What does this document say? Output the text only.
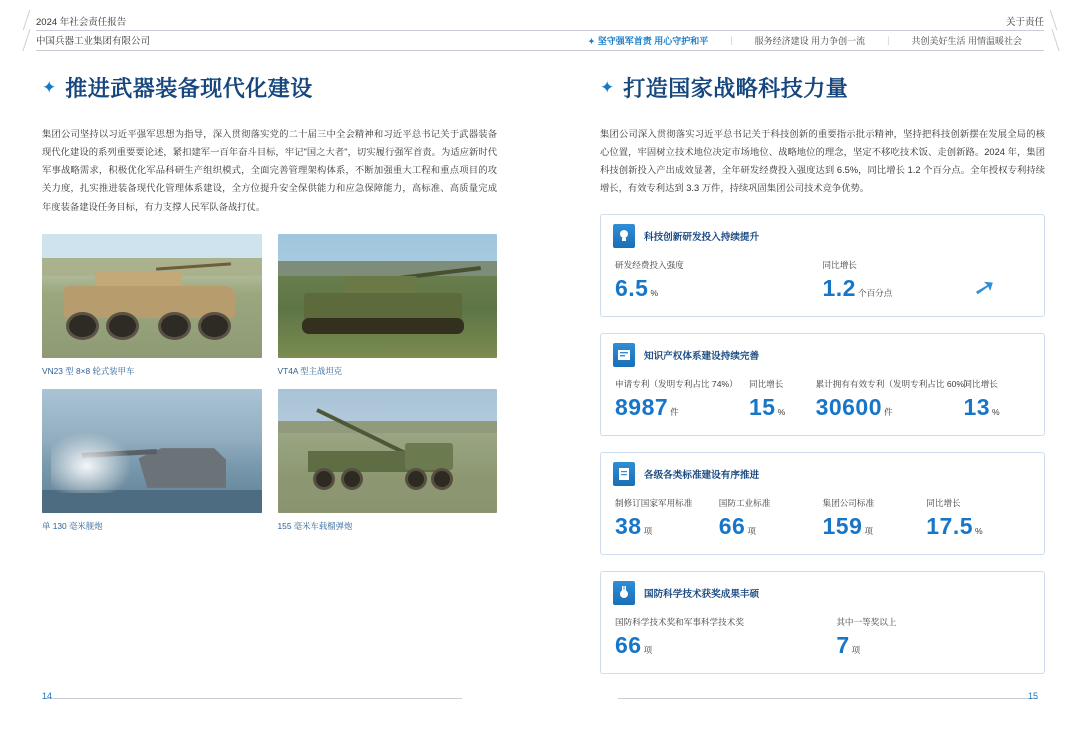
2024 年社会责任报告	关于责任
中国兵器工业集团有限公司	✦ 坚守强军首责 用心守护和平	|	服务经济建设 用力争创一流	|	共创美好生活 用情温暖社会
✦ 推进武器装备现代化建设

集团公司坚持以习近平强军思想为指导，深入贯彻落实党的二十届三中全会精神和习近平总书记关于武器装备现代化建设的系列重要要论述，紧扣建军一百年奋斗目标，牢记"国之大者"，切实履行强军首责。为适应新时代军事战略需求，积极优化军品科研生产组织模式，全面完善管理架构体系，不断加强重大工程和重点项目的攻关力度，扎实推进装备现代化管理体系建设，全方位提升安全保供能力和应急保障能力，高标准、高质量完成年度装备建设任务目标，有力支撑人民军队备战打仗。

VN23 型 8×8 轮式装甲车	VT4A 型主战坦克
单 130 毫米舰炮	155 毫米车载榴弹炮
✦ 打造国家战略科技力量

集团公司深入贯彻落实习近平总书记关于科技创新的重要指示批示精神，坚持把科技创新摆在发展全局的核心位置，牢固树立技术地位决定市场地位、战略地位的理念，坚定不移吃技术饭、走创新路。2024 年，集团科技创新投入产出成效显著，全年研发经费投入强度达到 6.5%，同比增长 1.2 个百分点。全年授权专利持续增长，有效专利达到 3.3 万件，持续巩固集团公司技术竞争优势。

科技创新研发投入持续提升
研发经费投入强度
6.5 %
同比增长
1.2 个百分点	➚
知识产权体系建设持续完善
申请专利（发明专利占比 74%）
8987 件
同比增长
15 %
累计拥有有效专利（发明专利占比 60%）
30600 件
同比增长
13 %
各级各类标准建设有序推进
制修订国家军用标准
38 项
国防工业标准
66 项
集团公司标准
159 项
同比增长
17.5 %
国防科学技术获奖成果丰硕
国防科学技术奖和军事科学技术奖
66 项
其中一等奖以上
7 项
14	15
